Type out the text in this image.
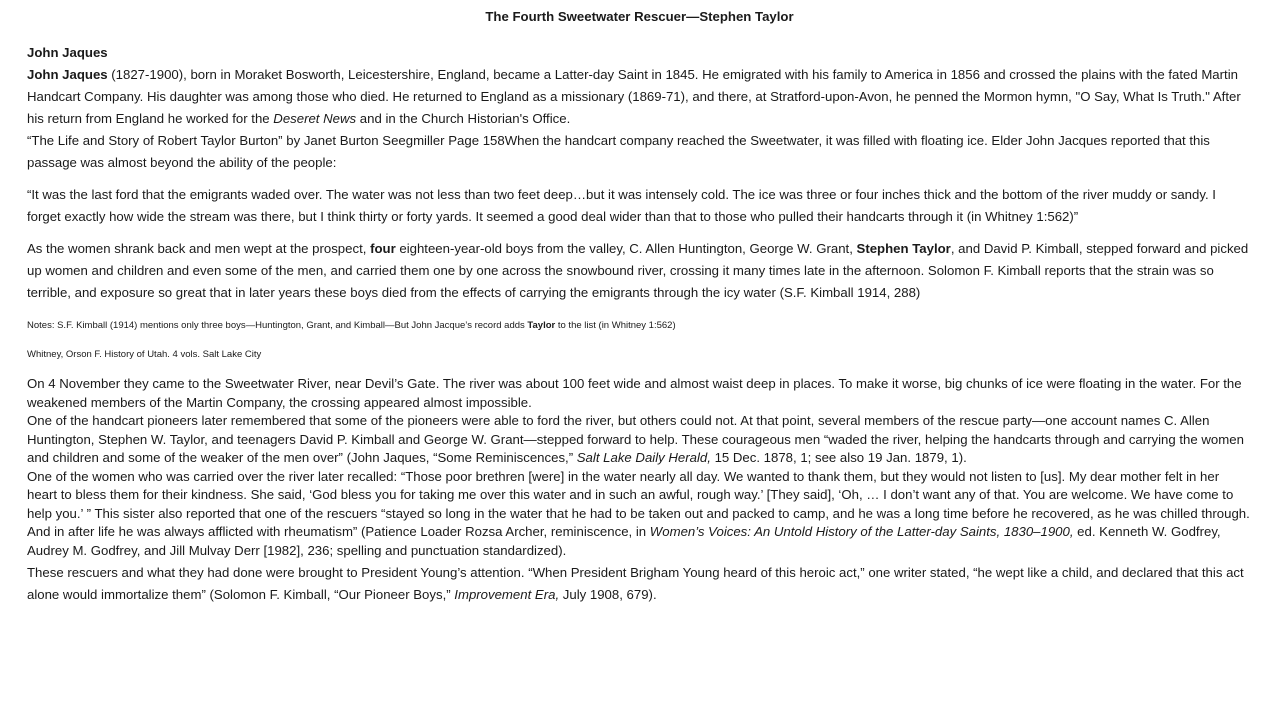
The Fourth Sweetwater Rescuer—Stephen Taylor

John Jaques

John Jaques (1827-1900), born in Moraket Bosworth, Leicestershire, England, became a Latter-day Saint in 1845. He emigrated with his family to America in 1856 and crossed the plains with the fated Martin Handcart Company. His daughter was among those who died. He returned to England as a missionary (1869-71), and there, at Stratford-upon-Avon, he penned the Mormon hymn, "O Say, What Is Truth." After his return from England he worked for the Deseret News and in the Church Historian's Office.

“The Life and Story of Robert Taylor Burton” by Janet Burton Seegmiller Page 158When the handcart company reached the Sweetwater, it was filled with floating ice. Elder John Jacques reported that this passage was almost beyond the ability of the people:

“It was the last ford that the emigrants waded over. The water was not less than two feet deep…but it was intensely cold. The ice was three or four inches thick and the bottom of the river muddy or sandy. I forget exactly how wide the stream was there, but I think thirty or forty yards. It seemed a good deal wider than that to those who pulled their handcarts through it (in Whitney 1:562)”

As the women shrank back and men wept at the prospect, four eighteen-year-old boys from the valley, C. Allen Huntington, George W. Grant, Stephen Taylor, and David P. Kimball, stepped forward and picked up women and children and even some of the men, and carried them one by one across the snowbound river, crossing it many times late in the afternoon. Solomon F. Kimball reports that the strain was so terrible, and exposure so great that in later years these boys died from the effects of carrying the emigrants through the icy water (S.F. Kimball 1914, 288)

Notes: S.F. Kimball (1914) mentions only three boys—Huntington, Grant, and Kimball—But John Jacque’s record adds Taylor to the list (in Whitney 1:562)

Whitney, Orson F. History of Utah. 4 vols. Salt Lake City

On 4 November they came to the Sweetwater River, near Devil’s Gate. The river was about 100 feet wide and almost waist deep in places. To make it worse, big chunks of ice were floating in the water. For the weakened members of the Martin Company, the crossing appeared almost impossible.

One of the handcart pioneers later remembered that some of the pioneers were able to ford the river, but others could not. At that point, several members of the rescue party—one account names C. Allen Huntington, Stephen W. Taylor, and teenagers David P. Kimball and George W. Grant—stepped forward to help. These courageous men “waded the river, helping the handcarts through and carrying the women and children and some of the weaker of the men over” (John Jaques, “Some Reminiscences,” Salt Lake Daily Herald, 15 Dec. 1878, 1; see also 19 Jan. 1879, 1).

One of the women who was carried over the river later recalled: “Those poor brethren [were] in the water nearly all day. We wanted to thank them, but they would not listen to [us]. My dear mother felt in her heart to bless them for their kindness. She said, ‘God bless you for taking me over this water and in such an awful, rough way.’ [They said], ‘Oh, … I don’t want any of that. You are welcome. We have come to help you.’ ” This sister also reported that one of the rescuers “stayed so long in the water that he had to be taken out and packed to camp, and he was a long time before he recovered, as he was chilled through. And in after life he was always afflicted with rheumatism” (Patience Loader Rozsa Archer, reminiscence, in Women’s Voices: An Untold History of the Latter-day Saints, 1830–1900, ed. Kenneth W. Godfrey, Audrey M. Godfrey, and Jill Mulvay Derr [1982], 236; spelling and punctuation standardized).

These rescuers and what they had done were brought to President Young’s attention. “When President Brigham Young heard of this heroic act,” one writer stated, “he wept like a child, and declared that this act alone would immortalize them” (Solomon F. Kimball, “Our Pioneer Boys,” Improvement Era, July 1908, 679).
